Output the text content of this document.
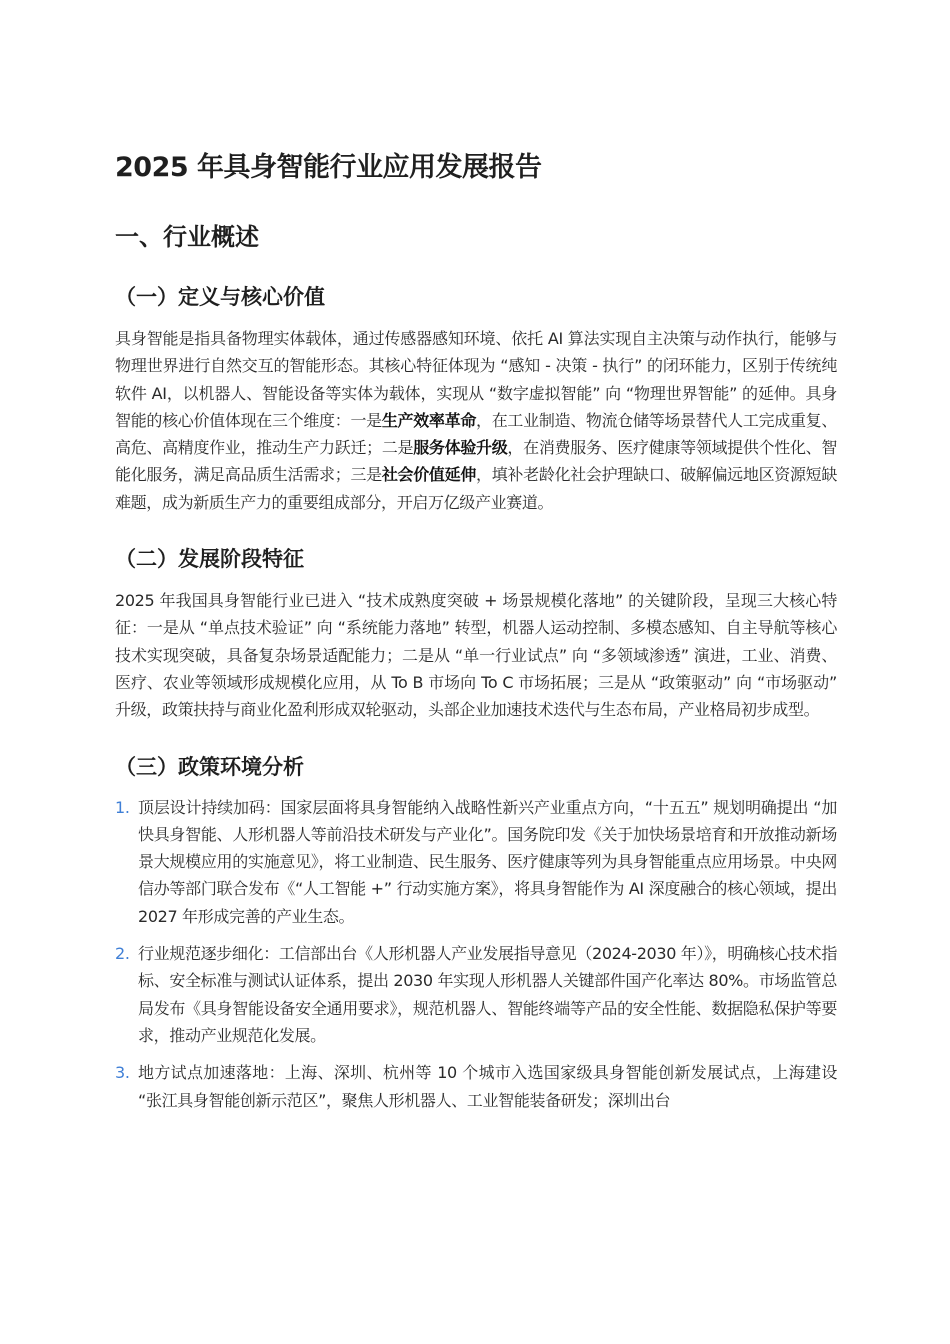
2025 年具身智能行业应用发展报告
一、行业概述
（一）定义与核心价值

具身智能是指具备物理实体载体，通过传感器感知环境、依托 AI 算法实现自主决策与动作执行，能够与物理世界进行自然交互的智能形态。其核心特征体现为 “感知 - 决策 - 执行” 的闭环能力，区别于传统纯软件 AI，以机器人、智能设备等实体为载体，实现从 “数字虚拟智能” 向 “物理世界智能” 的延伸。具身智能的核心价值体现在三个维度：一是生产效率革命，在工业制造、物流仓储等场景替代人工完成重复、高危、高精度作业，推动生产力跃迁；二是服务体验升级，在消费服务、医疗健康等领域提供个性化、智能化服务，满足高品质生活需求；三是社会价值延伸，填补老龄化社会护理缺口、破解偏远地区资源短缺难题，成为新质生产力的重要组成部分，开启万亿级产业赛道。

（二）发展阶段特征

2025 年我国具身智能行业已进入 “技术成熟度突破 + 场景规模化落地” 的关键阶段，呈现三大核心特征：一是从 “单点技术验证” 向 “系统能力落地” 转型，机器人运动控制、多模态感知、自主导航等核心技术实现突破，具备复杂场景适配能力；二是从 “单一行业试点” 向 “多领域渗透” 演进，工业、消费、医疗、农业等领域形成规模化应用，从 To B 市场向 To C 市场拓展；三是从 “政策驱动” 向 “市场驱动” 升级，政策扶持与商业化盈利形成双轮驱动，头部企业加速技术迭代与生态布局，产业格局初步成型。

（三）政策环境分析
1. 顶层设计持续加码：国家层面将具身智能纳入战略性新兴产业重点方向，“十五五” 规划明确提出 “加快具身智能、人形机器人等前沿技术研发与产业化”。国务院印发《关于加快场景培育和开放推动新场景大规模应用的实施意见》，将工业制造、民生服务、医疗健康等列为具身智能重点应用场景。中央网信办等部门联合发布《“人工智能 +” 行动实施方案》，将具身智能作为 AI 深度融合的核心领域，提出 2027 年形成完善的产业生态。
2. 行业规范逐步细化：工信部出台《人形机器人产业发展指导意见（2024-2030 年）》，明确核心技术指标、安全标准与测试认证体系，提出 2030 年实现人形机器人关键部件国产化率达 80%。市场监管总局发布《具身智能设备安全通用要求》，规范机器人、智能终端等产品的安全性能、数据隐私保护等要求，推动产业规范化发展。
3. 地方试点加速落地：上海、深圳、杭州等 10 个城市入选国家级具身智能创新发展试点，上海建设 “张江具身智能创新示范区”，聚焦人形机器人、工业智能装备研发；深圳出台
